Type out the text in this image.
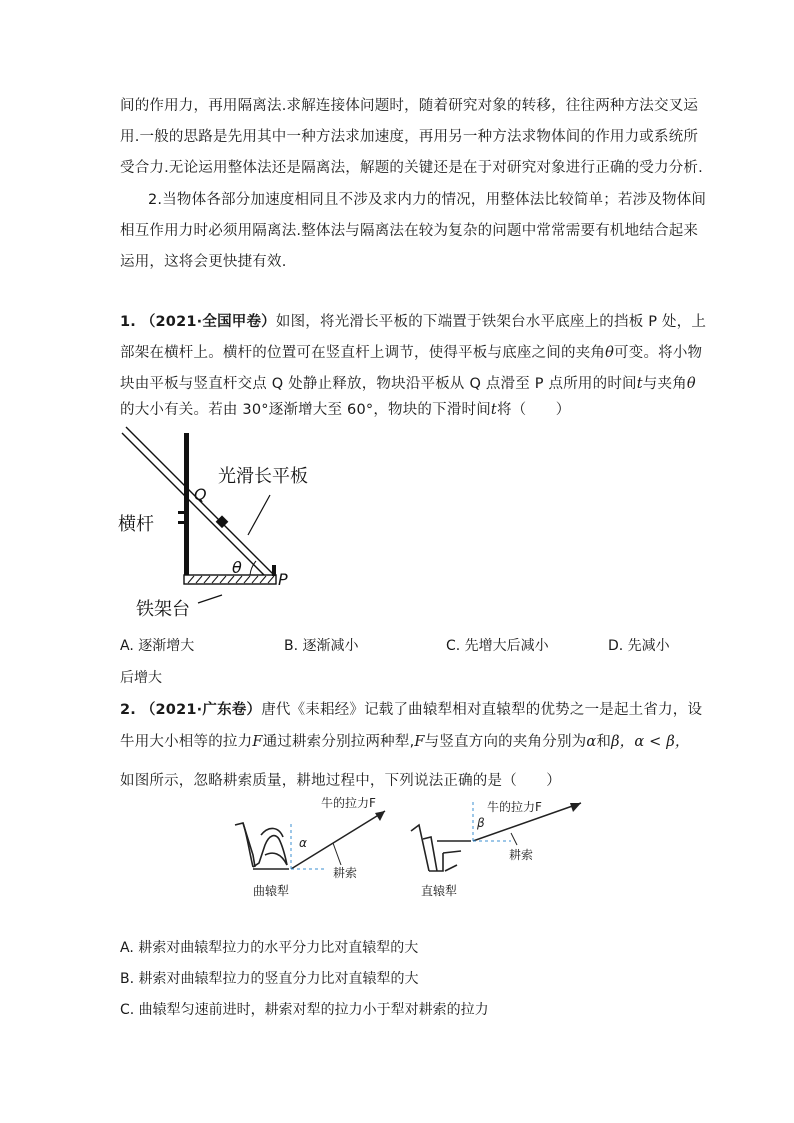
间的作用力，再用隔离法.求解连接体问题时，随着研究对象的转移，往往两种方法交叉运
用.一般的思路是先用其中一种方法求加速度，再用另一种方法求物体间的作用力或系统所
受合力.无论运用整体法还是隔离法，解题的关键还是在于对研究对象进行正确的受力分析.
2.当物体各部分加速度相同且不涉及求内力的情况，用整体法比较简单；若涉及物体间
相互作用力时必须用隔离法.整体法与隔离法在较为复杂的问题中常常需要有机地结合起来
运用，这将会更快捷有效.
1. （2021·全国甲卷）如图，将光滑长平板的下端置于铁架台水平底座上的挡板 P 处，上
部架在横杆上。横杆的位置可在竖直杆上调节，使得平板与底座之间的夹角θ可变。将小物
块由平板与竖直杆交点 Q 处静止释放，物块沿平板从 Q 点滑至 P 点所用的时间t与夹角θ
的大小有关。若由 30°逐渐增大至 60°，物块的下滑时间t将（　　）
光滑长平板
横杆
铁架台
Q
P
θ
A. 逐渐增大	B. 逐渐减小	C. 先增大后减小	D. 先减小
后增大
2. （2021·广东卷）唐代《耒耜经》记载了曲辕犁相对直辕犁的优势之一是起土省力，设
牛用大小相等的拉力F通过耕索分别拉两种犁,F与竖直方向的夹角分别为α和β，α < β，
如图所示，忽略耕索质量，耕地过程中，下列说法正确的是（　　）
牛的拉力F
α
耕索
曲辕犁
牛的拉力F
β
耕索
直辕犁
A. 耕索对曲辕犁拉力的水平分力比对直辕犁的大
B. 耕索对曲辕犁拉力的竖直分力比对直辕犁的大
C. 曲辕犁匀速前进时，耕索对犁的拉力小于犁对耕索的拉力
